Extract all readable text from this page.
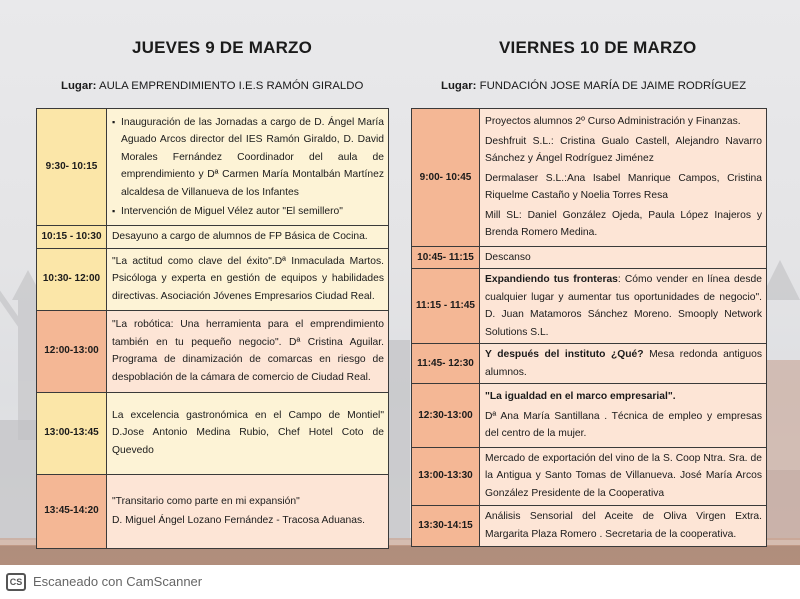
JUEVES 9 DE MARZO	VIERNES 10 DE MARZO
Lugar: AULA EMPRENDIMIENTO I.E.S RAMÓN GIRALDO	Lugar: FUNDACIÓN JOSE MARÍA DE JAIME RODRÍGUEZ
9:30- 10:15	▪ Inauguración de las Jornadas a cargo de D. Ángel María Aguado Arcos director del IES Ramón Giraldo, D. David Morales Fernández Coordinador del aula de emprendimiento y Dª Carmen María Montalbán Martínez alcaldesa de Villanueva de los Infantes
▪ Intervención de Miguel Vélez autor "El semillero"

10:15 - 10:30	Desayuno a cargo de alumnos de FP Básica de Cocina.
10:30- 12:00	"La actitud como clave del éxito".Dª Inmaculada Martos. Psicóloga y experta en gestión de equipos y habilidades directivas. Asociación Jóvenes Empresarios Ciudad Real.
12:00-13:00	"La robótica: Una herramienta para el emprendimiento también en tu pequeño negocio". Dª Cristina Aguilar. Programa de dinamización de comarcas en riesgo de despoblación de la cámara de comercio de Ciudad Real.
13:00-13:45	La excelencia gastronómica en el Campo de Montiel" D.Jose Antonio Medina Rubio, Chef Hotel Coto de Quevedo
13:45-14:20	"Transitario como parte en mi expansión"
D. Miguel Ángel Lozano Fernández - Tracosa Aduanas.
9:00- 10:45	Proyectos alumnos 2º Curso Administración y Finanzas.
Deshfruit S.L.: Cristina Gualo Castell, Alejandro Navarro Sánchez y Ángel Rodríguez Jiménez
Dermalaser S.L.:Ana Isabel Manrique Campos, Cristina Riquelme Castaño y Noelia Torres Resa
Mill SL: Daniel González Ojeda, Paula López Inajeros y Brenda Romero Medina.

10:45- 11:15	Descanso
11:15 - 11:45	Expandiendo tus fronteras: Cómo vender en línea desde cualquier lugar y aumentar tus oportunidades de negocio". D. Juan Matamoros Sánchez Moreno. Smooply Network Solutions S.L.
11:45- 12:30	Y después del instituto ¿Qué? Mesa redonda antiguos alumnos.
12:30-13:00	"La igualdad en el marco empresarial".
Dª Ana María Santillana . Técnica de empleo y empresas del centro de la mujer.

13:00-13:30	Mercado de exportación del vino de la S. Coop Ntra. Sra. de la Antigua y Santo Tomas de Villanueva. José María Arcos González Presidente de la Cooperativa
13:30-14:15	Análisis Sensorial del Aceite de Oliva Virgen Extra. Margarita Plaza Romero . Secretaria de la cooperativa.
CS Escaneado con CamScanner
